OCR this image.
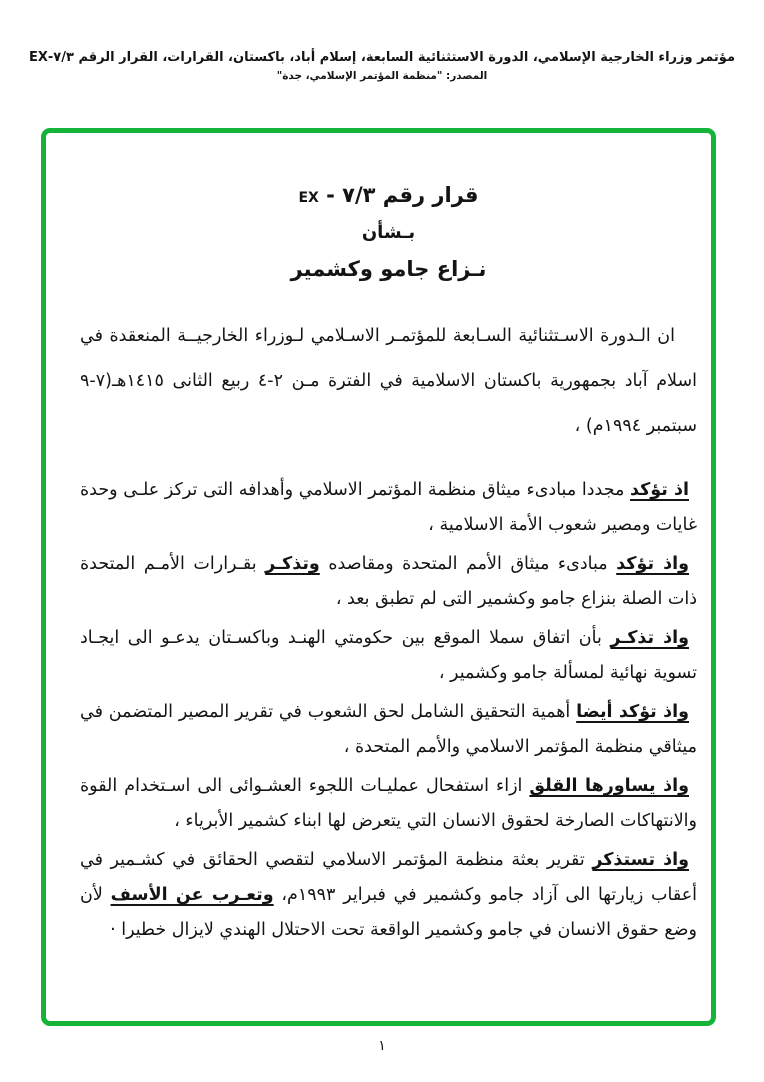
مؤتمر وزراء الخارجية الإسلامي، الدورة الاستثنائية السابعة، إسلام أباد، باكستان، القرارات، القرار الرقم ٧/٣-EX
المصدر: "منظمة المؤتمر الإسلامي، جدة"
قرار رقم ٧/٣ - EX
بـشأن
نـزاع جامو وكشمير

ان الـدورة الاسـتثنائية السـابعة للمؤتمـر الاسـلامي لـوزراء الخارجيــة المنعقدة في اسلام آباد بجمهورية باكستان الاسلامية في الفترة مـن ٢-٤ ربيع الثانى ١٤١٥هـ(٧-٩ سبتمبر ١٩٩٤م) ،

اذ تؤكد مجددا مبادىء ميثاق منظمة المؤتمر الاسلامي وأهدافه التى تركز علـى وحدة غايات ومصير شعوب الأمة الاسلامية ،

واذ تؤكد مبادىء ميثاق الأمم المتحدة ومقاصده وتذكـر بقـرارات الأمـم المتحدة ذات الصلة بنزاع جامو وكشمير التى لم تطبق بعد ،

واذ تذكـر بأن اتفاق سملا الموقع بين حكومتي الهنـد وباكسـتان يدعـو الى ايجـاد تسوية نهائية لمسألة جامو وكشمير ،

واذ تؤكد أيضا أهمية التحقيق الشامل لحق الشعوب في تقرير المصير المتضمن في ميثاقي منظمة المؤتمر الاسلامي والأمم المتحدة ،

واذ يساورها القلق ازاء استفحال عمليـات اللجوء العشـوائى الى اسـتخدام القوة والانتهاكات الصارخة لحقوق الانسان التي يتعرض لها ابناء كشمير الأبرياء ،

واذ تستذكر تقرير بعثة منظمة المؤتمر الاسلامي لتقصي الحقائق في كشـمير في أعقاب زيارتها الى آزاد جامو وكشمير في فبراير ١٩٩٣م، وتعـرب عن الأسف لأن وضع حقوق الانسان في جامو وكشمير الواقعة تحت الاحتلال الهندي لايزال خطيرا ·

١
